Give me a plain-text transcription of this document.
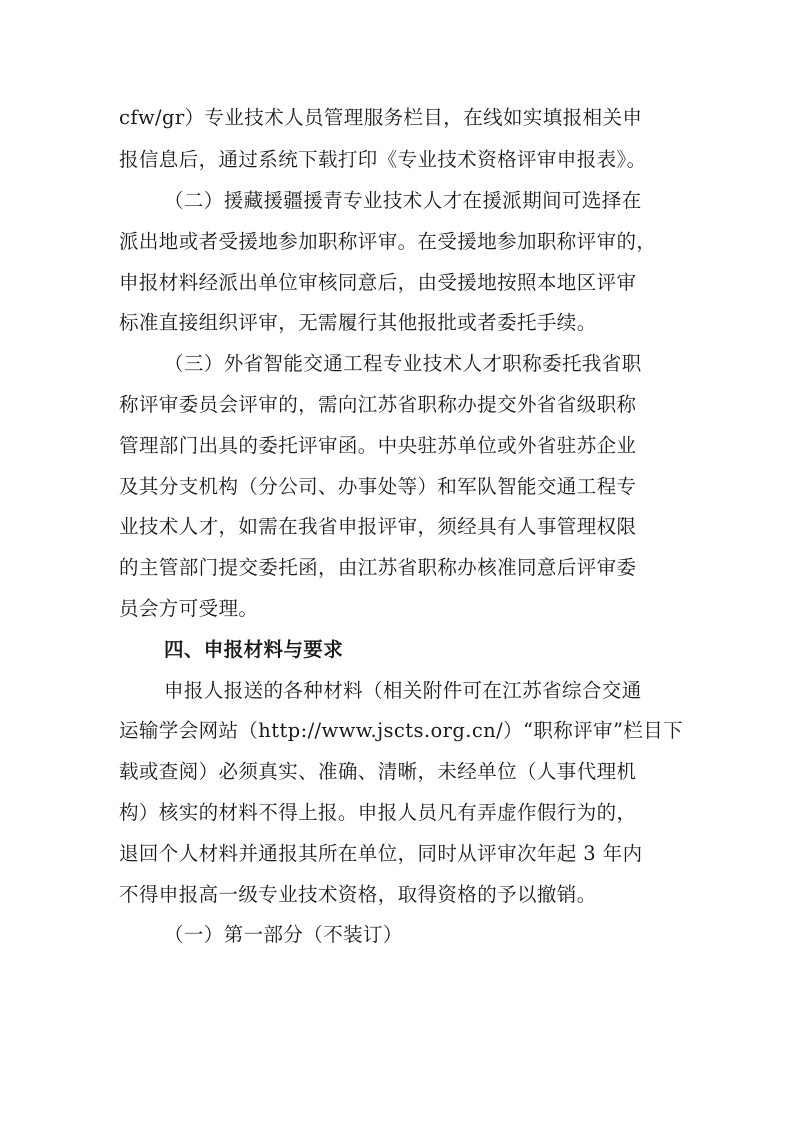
cfw/gr）专业技术人员管理服务栏目，在线如实填报相关申
报信息后，通过系统下载打印《专业技术资格评审申报表》。
（二）援藏援疆援青专业技术人才在援派期间可选择在
派出地或者受援地参加职称评审。在受援地参加职称评审的，
申报材料经派出单位审核同意后，由受援地按照本地区评审
标准直接组织评审，无需履行其他报批或者委托手续。
（三）外省智能交通工程专业技术人才职称委托我省职
称评审委员会评审的，需向江苏省职称办提交外省省级职称
管理部门出具的委托评审函。中央驻苏单位或外省驻苏企业
及其分支机构（分公司、办事处等）和军队智能交通工程专
业技术人才，如需在我省申报评审，须经具有人事管理权限
的主管部门提交委托函，由江苏省职称办核准同意后评审委
员会方可受理。
四、申报材料与要求
申报人报送的各种材料（相关附件可在江苏省综合交通
运输学会网站（http://www.jscts.org.cn/）“职称评审”栏目下
载或查阅）必须真实、准确、清晰，未经单位（人事代理机
构）核实的材料不得上报。申报人员凡有弄虚作假行为的，
退回个人材料并通报其所在单位，同时从评审次年起 3 年内
不得申报高一级专业技术资格，取得资格的予以撤销。
（一）第一部分（不装订）
